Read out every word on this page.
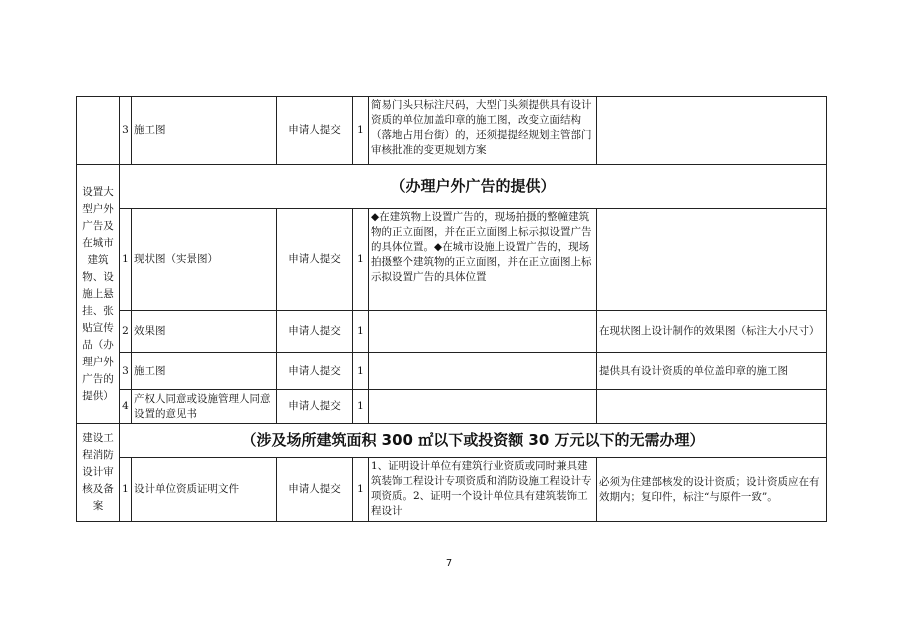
	3	施工图	申请人提交	1	简易门头只标注尺码，大型门头须提供具有设计资质的单位加盖印章的施工图，改变立面结构（落地占用台街）的，还须提提经规划主管部门审核批准的变更规划方案	

设置大型户外广告及在城市建筑物、设施上悬挂、张贴宣传品（办理户外广告的提供）	（办理户外广告的提供）					
	1	现状图（实景图）	申请人提交	1	◆在建筑物上设置广告的，现场拍摄的整幢建筑物的正立面图，并在正立面图上标示拟设置广告的具体位置。◆在城市设施上设置广告的，现场拍摄整个建筑物的正立面图，并在正立面图上标示拟设置广告的具体位置	
	2	效果图	申请人提交	1		在现状图上设计制作的效果图（标注大小尺寸）
	3	施工图	申请人提交	1		提供具有设计资质的单位盖印章的施工图
	4	产权人同意或设施管理人同意设置的意见书	申请人提交	1		

建设工程消防设计审核及备案	（涉及场所建筑面积 300 ㎡以下或投资额 30 万元以下的无需办理）					
	1	设计单位资质证明文件	申请人提交	1	1、证明设计单位有建筑行业资质或同时兼具建筑装饰工程设计专项资质和消防设施工程设计专项资质。2、证明一个设计单位具有建筑装饰工程设计	必须为住建部核发的设计资质；设计资质应在有效期内；复印件，标注“与原件一致”。
7
